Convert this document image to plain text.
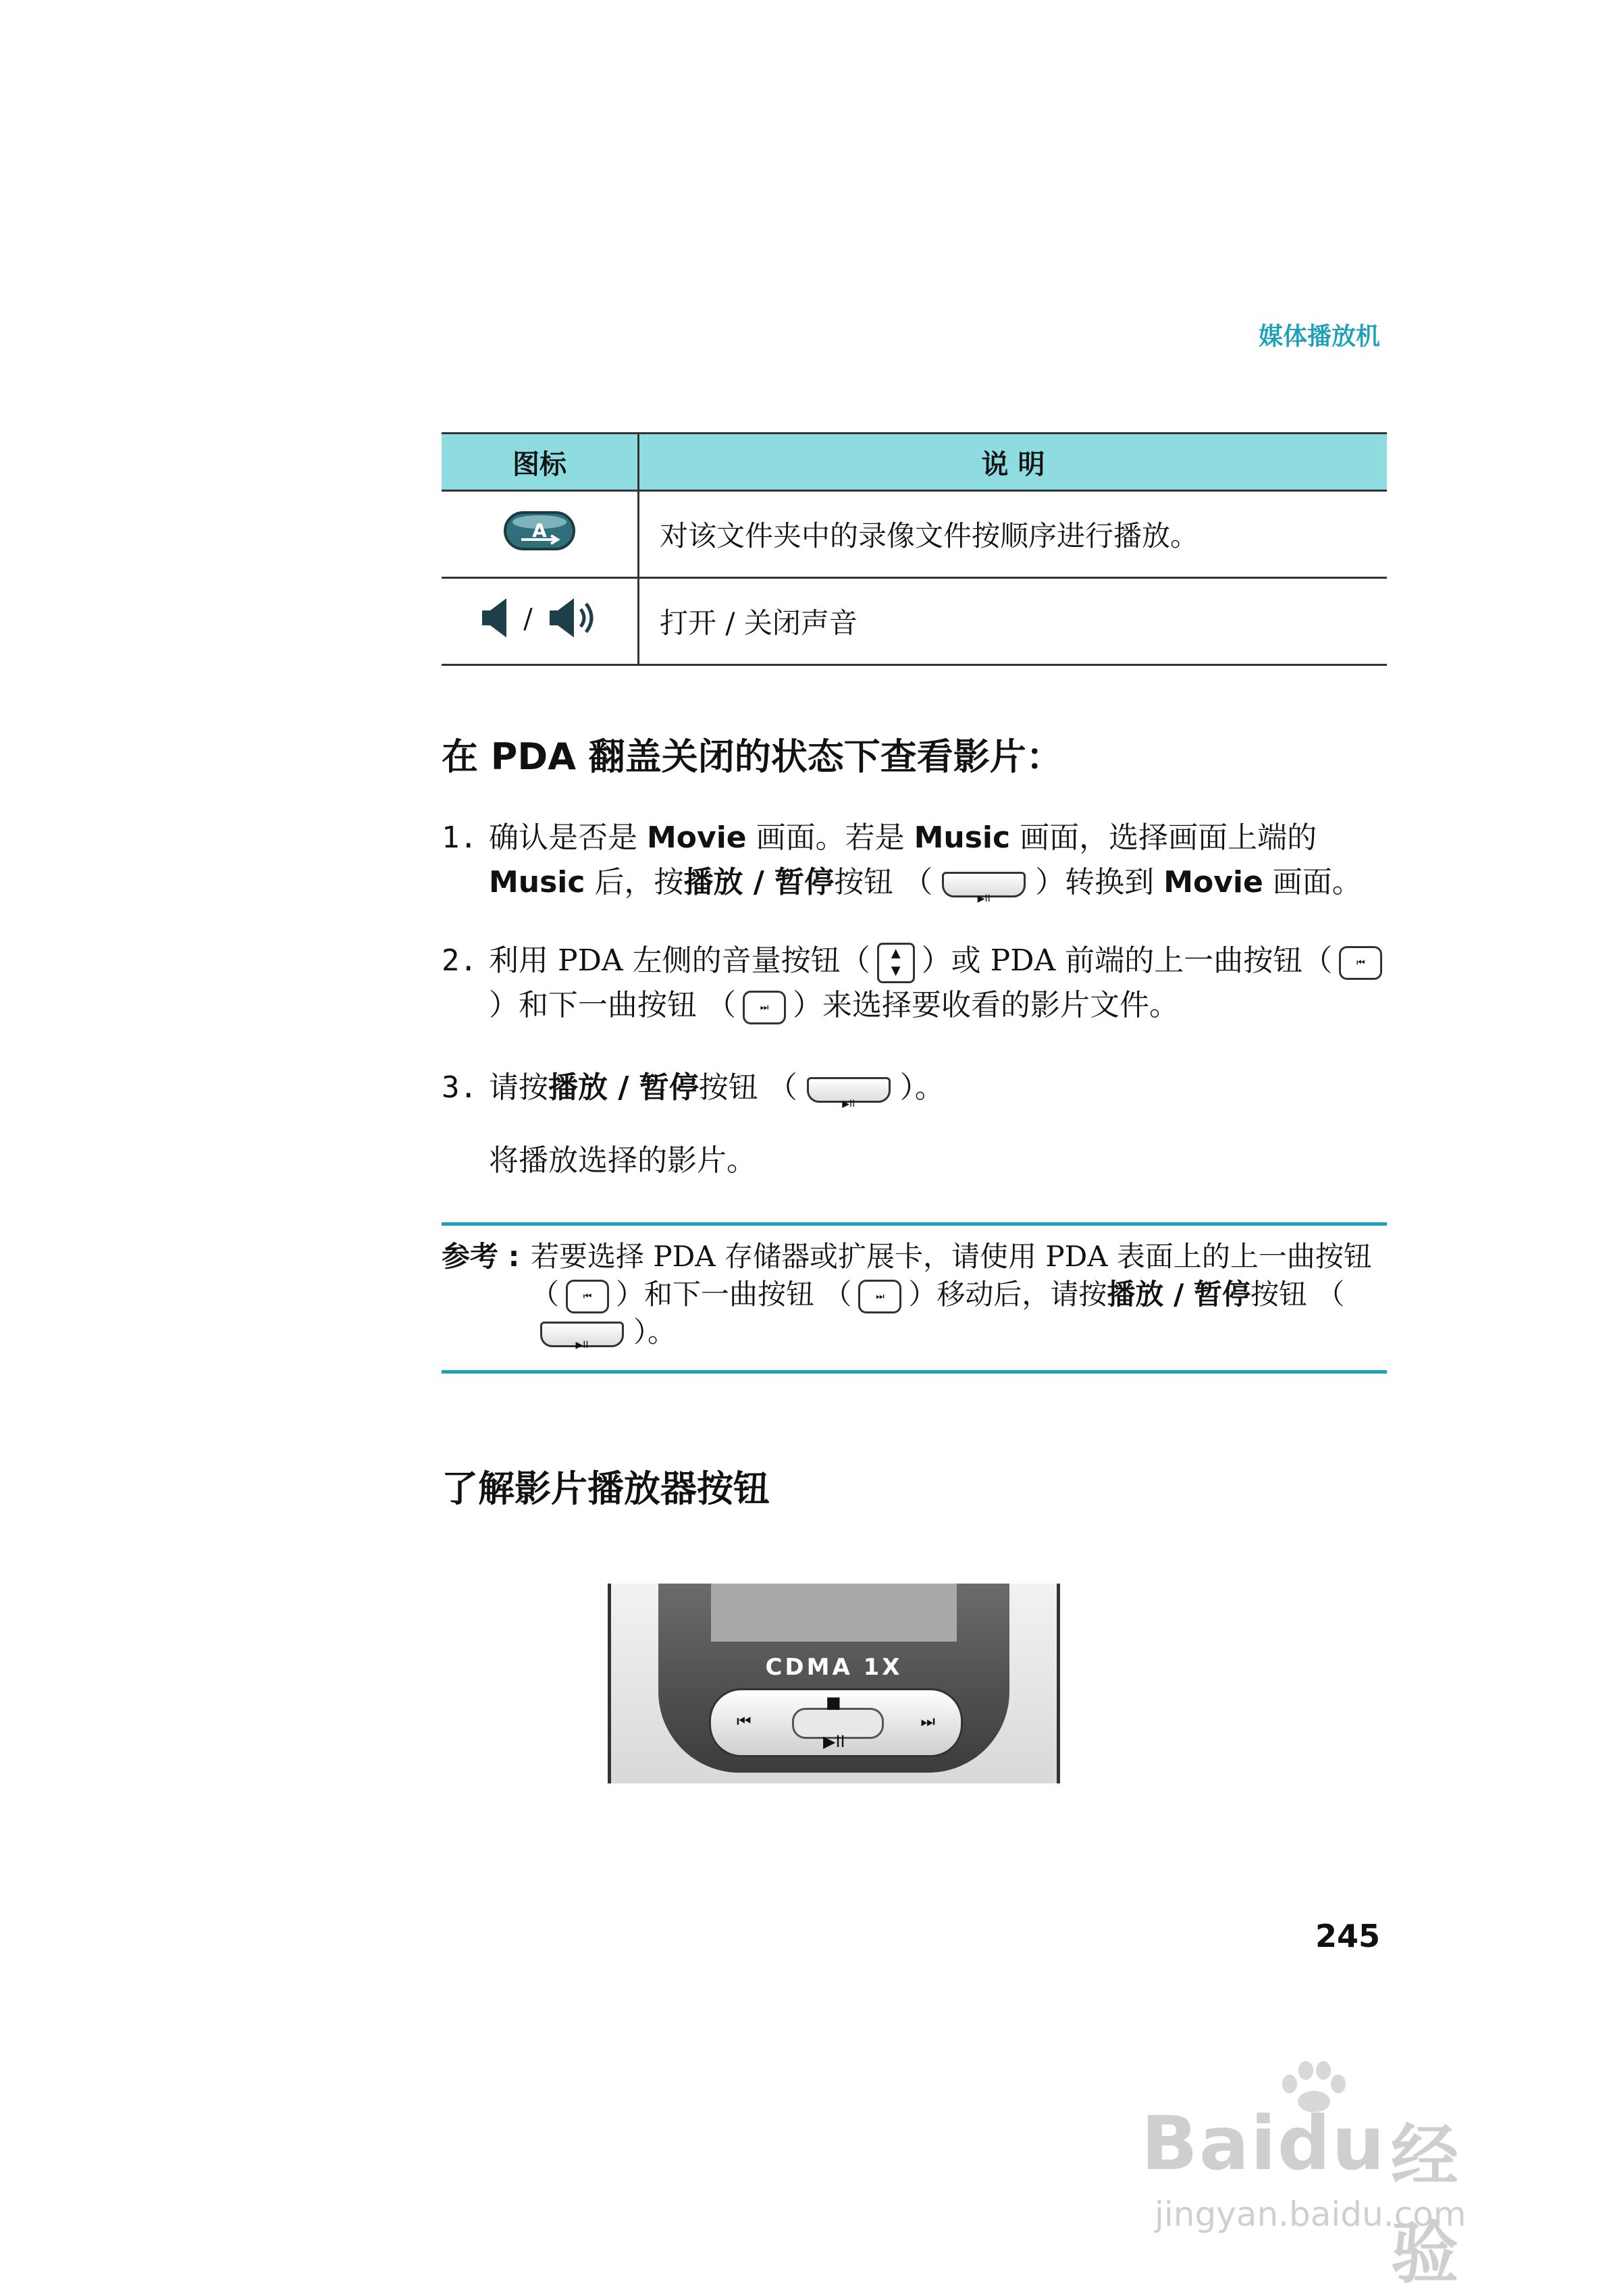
媒体播放机
图标	说 明

A	对该文件夹中的录像文件按顺序进行播放。
/	打开 / 关闭声音
在 PDA 翻盖关闭的状态下查看影片：
1. 确认是否是 Movie 画面。若是 Music 画面，选择画面上端的
Music 后，按播放 / 暂停按钮 （ ▶II	）转换到 Movie 画面。
2. 利用 PDA 左侧的音量按钮（ ▲
▼ ）或 PDA 前端的上一曲按钮（	⏮）和下一曲按钮 （	⏭ ）来选择要收看的影片文件。
3. 请按播放 / 暂停按钮 （ ▶II	）。
将播放选择的影片。
参考 : 若要选择 PDA 存储器或扩展卡，请使用 PDA 表面上的上一曲按钮 （	⏮ ）和下一曲按钮 （	⏭ ）移动后，请按播放 / 暂停按钮 （▶II）。
了解影片播放器按钮
CDMA 1X
⏮
■
▶II
⏭
245
Baidu 经验
jingyan.baidu.com
